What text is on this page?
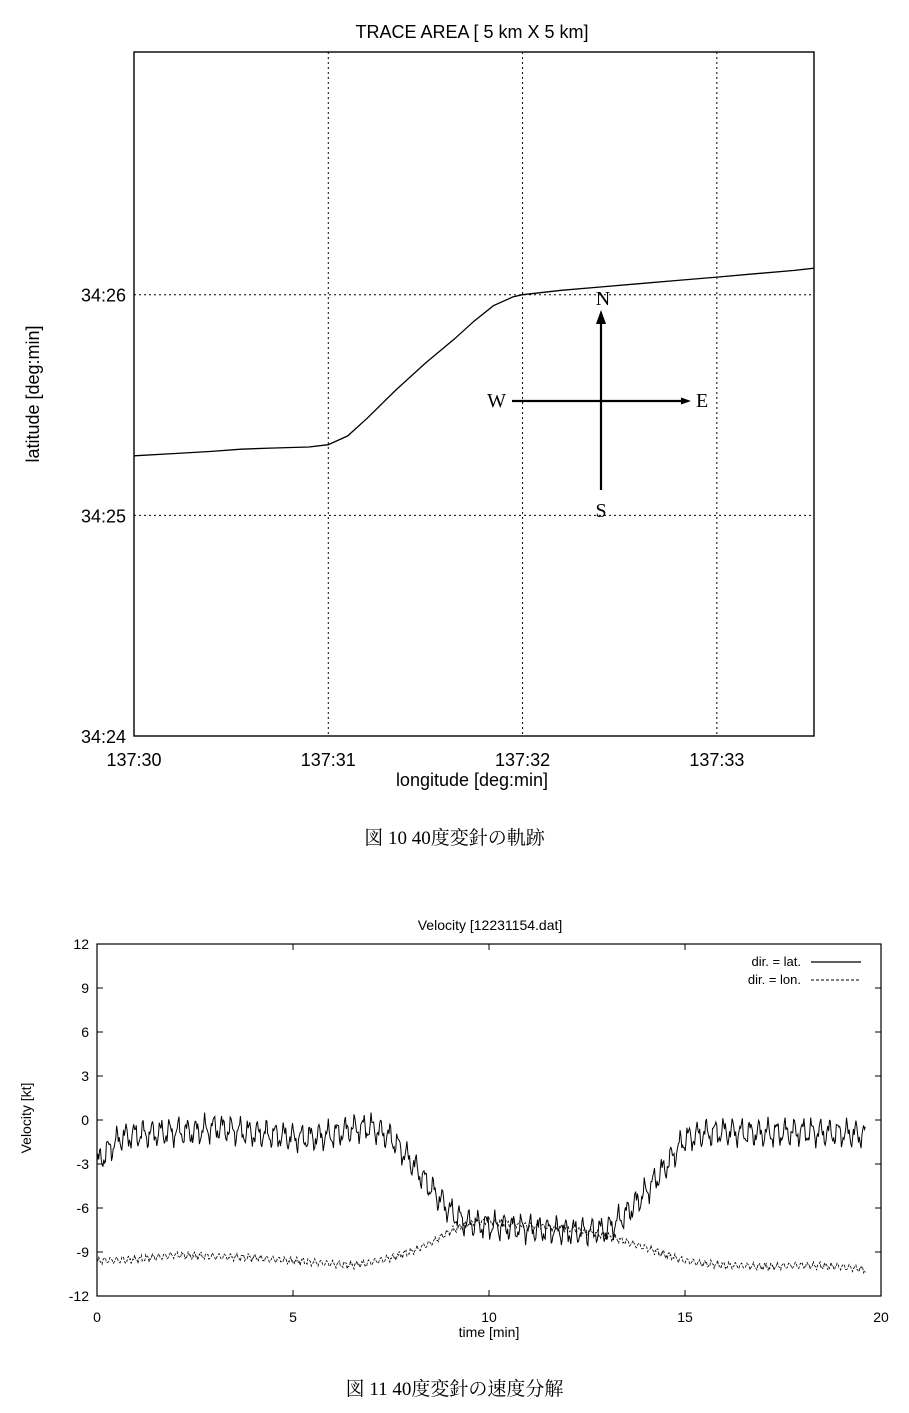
TRACE AREA [ 5 km X 5 km]
137:30	137:31	137:32	137:33
34:24
34:25
34:26	N
S
W	E
longitude [deg:min]
latitude [deg:min]
図 10 40度変針の軌跡
Velocity [12231154.dat]
0	5	10	15	20
-12
-9
-6
-3
0
3
6
9
12
dir. = lat.
dir. = lon.
time [min]
Velocity [kt]
図 11 40度変針の速度分解
